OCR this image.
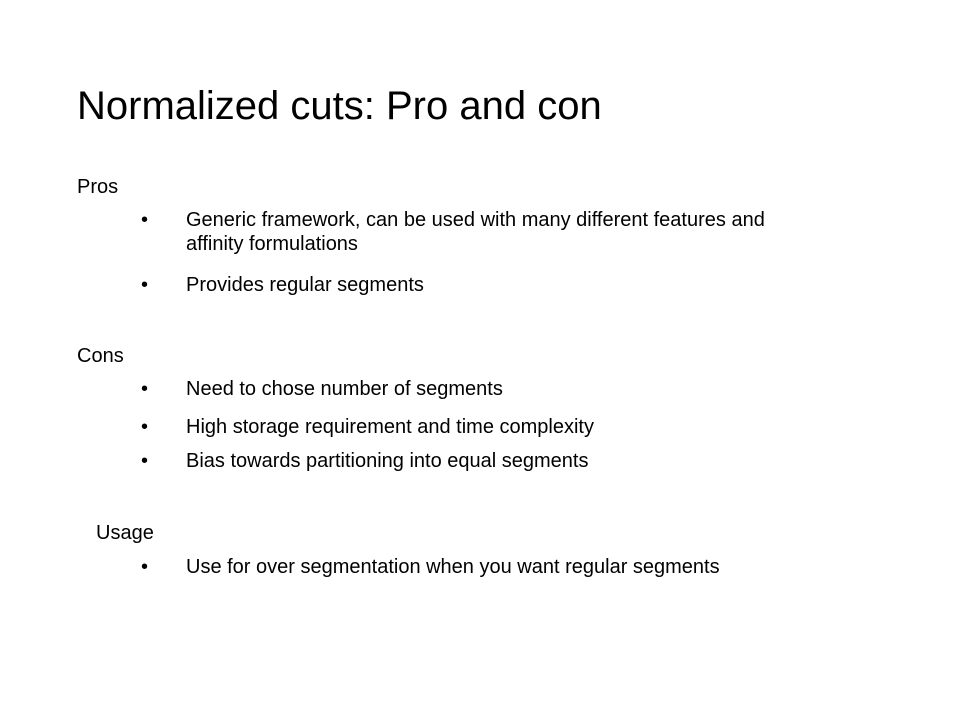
Normalized cuts: Pro and con
Pros
•	Generic framework, can be used with many different features and affinity formulations
•	Provides regular segments
Cons
•	Need to chose number of segments
•	High storage requirement and time complexity
•	Bias towards partitioning into equal segments
Usage
•	Use for over segmentation when you want regular segments
